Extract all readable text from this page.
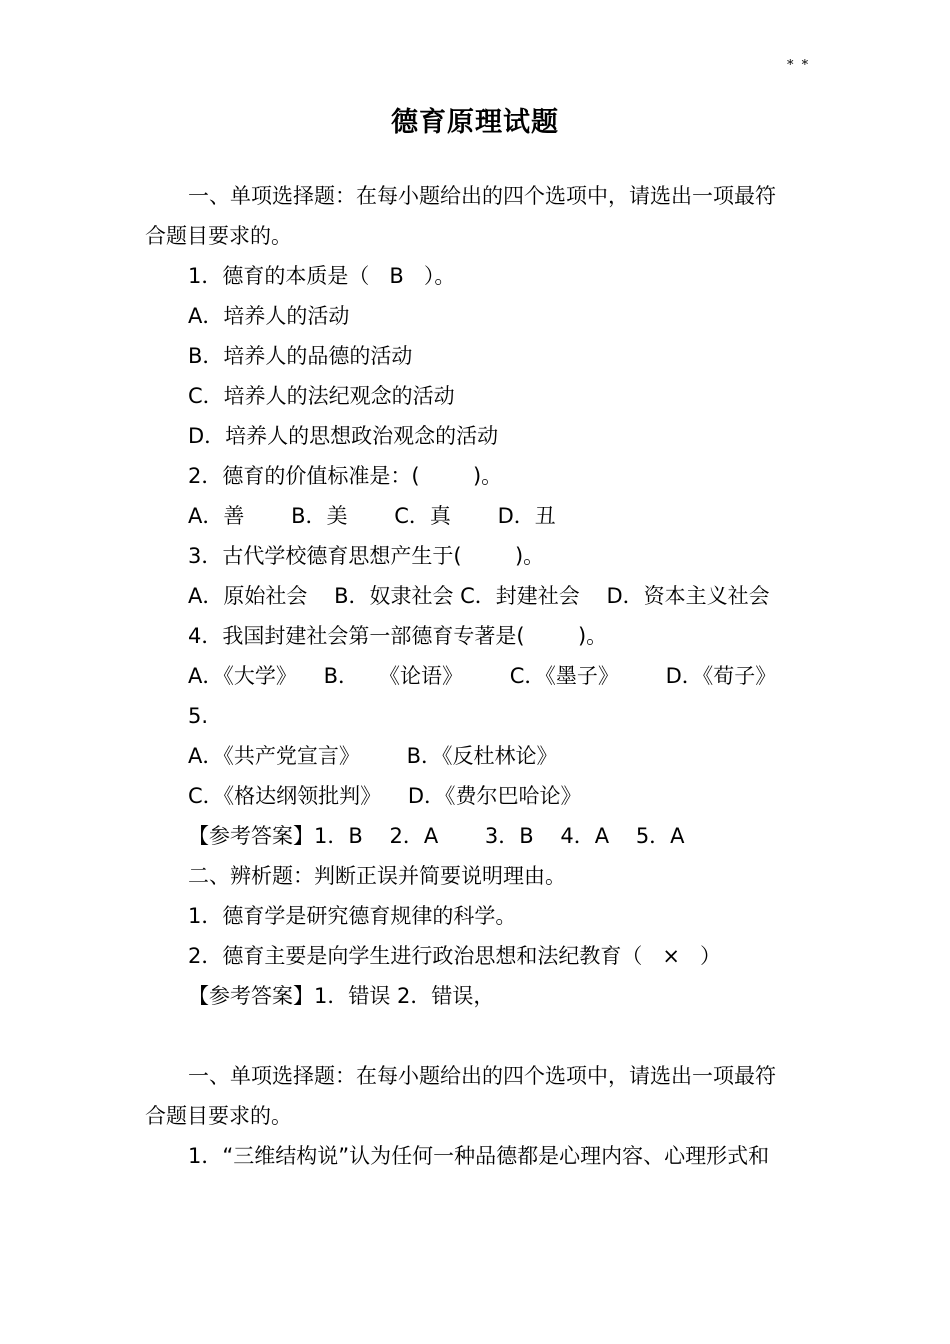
* *
德育原理试题
一、单项选择题：在每小题给出的四个选项中，请选出一项最符
合题目要求的。
1．德育的本质是（   B   ）。
A．培养人的活动
B．培养人的品德的活动
C．培养人的法纪观念的活动
D．培养人的思想政治观念的活动
2．德育的价值标准是：(        )。
A．善       B．美       C．真       D．丑
3．古代学校德育思想产生于(        )。
A．原始社会    B．奴隶社会 C．封建社会    D．资本主义社会
4．我国封建社会第一部德育专著是(        )。
A．《大学》    B．   《论语》       C．《墨子》       D．《荀子》
5.
A．《共产党宣言》       B．《反杜林论》
C．《格达纲领批判》    D．《费尔巴哈论》
【参考答案】1．B    2．A       3．B    4．A    5．A
二、辨析题：判断正误并简要说明理由。
1．德育学是研究德育规律的科学。
2．德育主要是向学生进行政治思想和法纪教育（   ×   ）
【参考答案】1．错误 2．错误，
一、单项选择题：在每小题给出的四个选项中，请选出一项最符
合题目要求的。
1．“三维结构说”认为任何一种品德都是心理内容、心理形式和
